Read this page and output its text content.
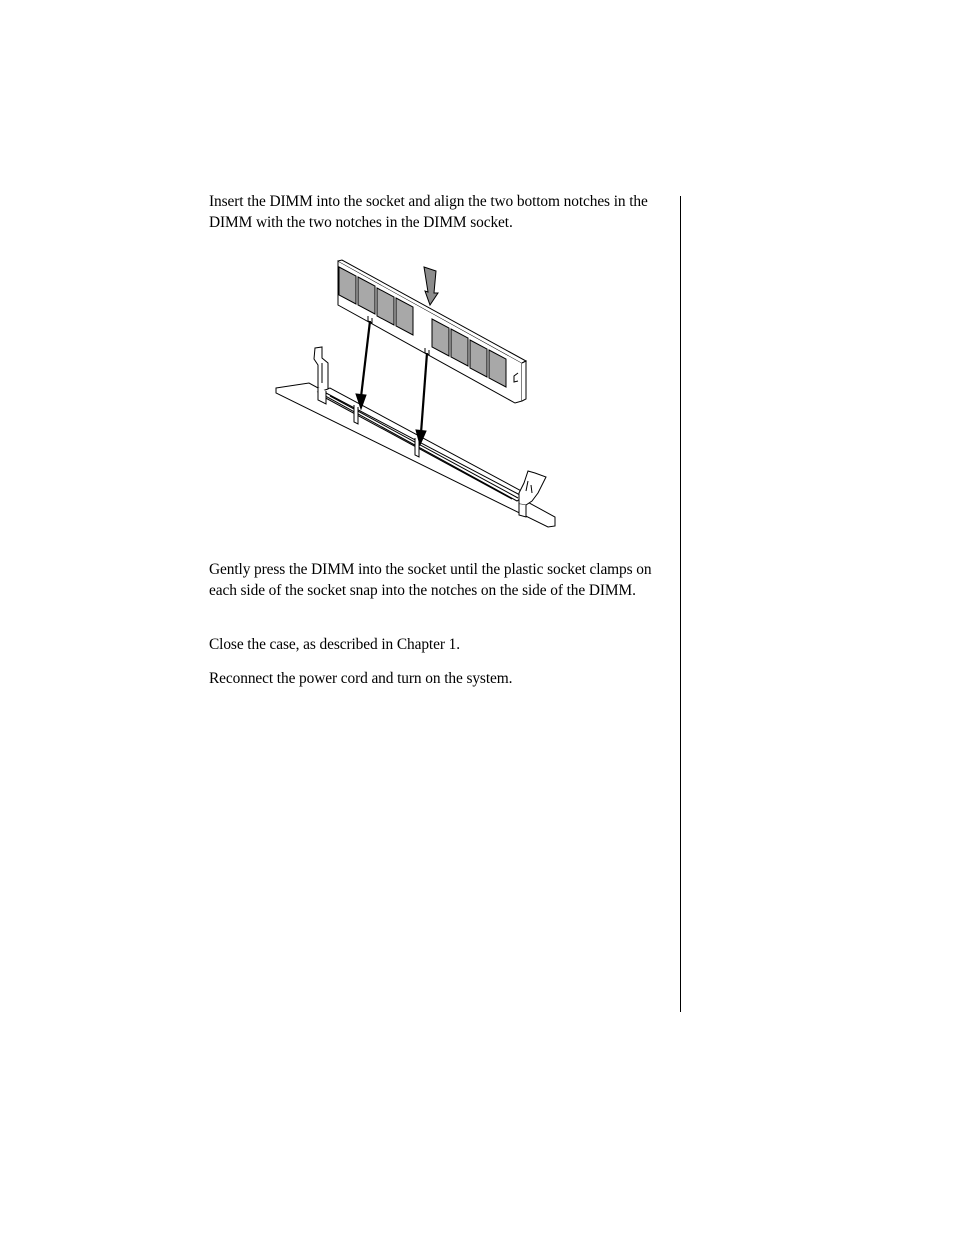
Insert the DIMM into the socket and align the two bottom notches in the DIMM with the two notches in the DIMM socket.

Gently press the DIMM into the socket until the plastic socket clamps on each side of the socket snap into the notches on the side of the DIMM.

Close the case, as described in Chapter 1.

Reconnect the power cord and turn on the system.
